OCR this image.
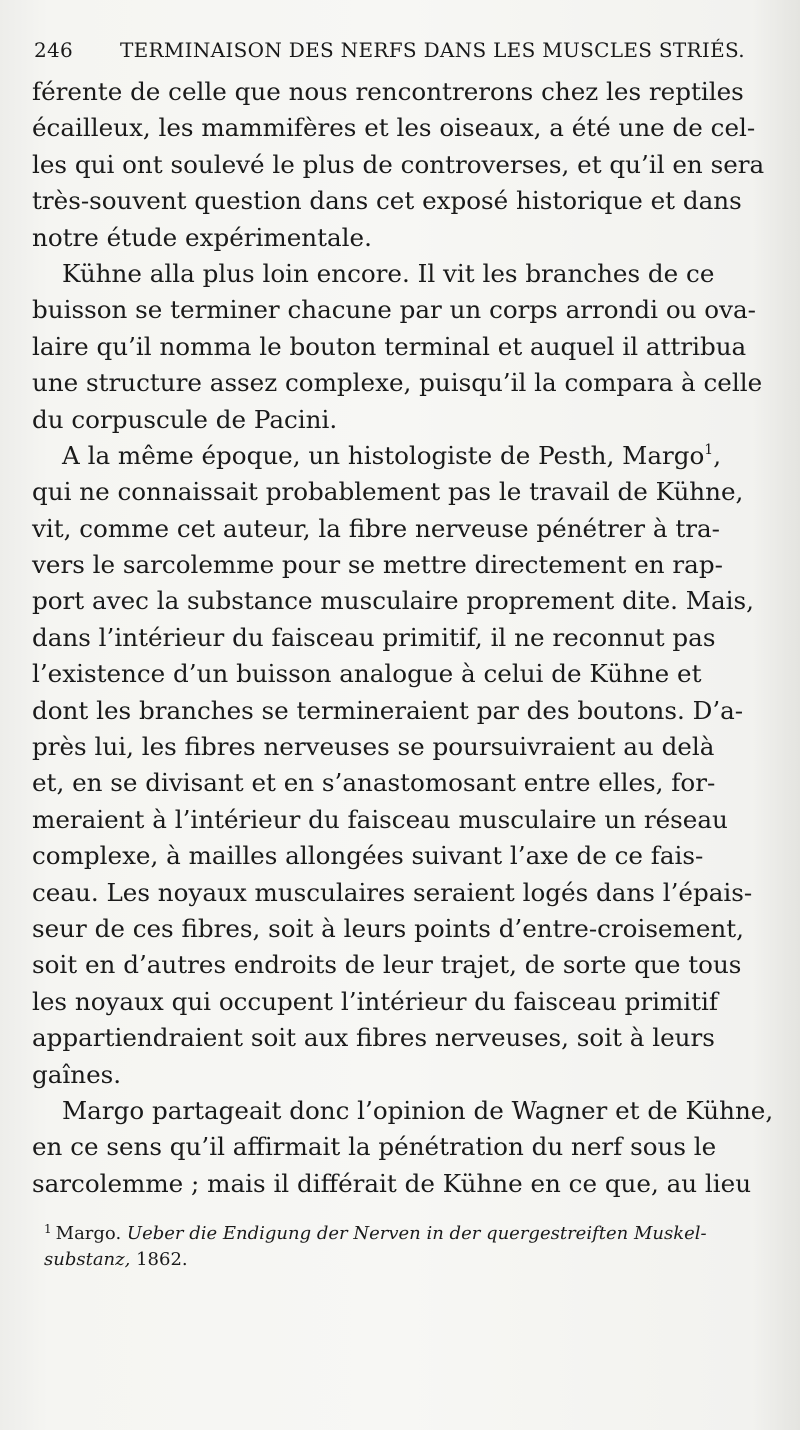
246 TERMINAISON DES NERFS DANS LES MUSCLES STRIÉS.
férente de celle que nous rencontrerons chez les reptiles
écailleux, les mammifères et les oiseaux, a été une de cel-
les qui ont soulevé le plus de controverses, et qu’il en sera
très-souvent question dans cet exposé historique et dans
notre étude expérimentale.
Kühne alla plus loin encore. Il vit les branches de ce
buisson se terminer chacune par un corps arrondi ou ova-
laire qu’il nomma le bouton terminal et auquel il attribua
une structure assez complexe, puisqu’il la compara à celle
du corpuscule de Pacini.
A la même époque, un histologiste de Pesth, Margo$^1$,
qui ne connaissait probablement pas le travail de Kühne,
vit, comme cet auteur, la fibre nerveuse pénétrer à tra-
vers le sarcolemme pour se mettre directement en rap-
port avec la substance musculaire proprement dite. Mais,
dans l’intérieur du faisceau primitif, il ne reconnut pas
l’existence d’un buisson analogue à celui de Kühne et
dont les branches se termineraient par des boutons. D’a-
près lui, les fibres nerveuses se poursuivraient au delà
et, en se divisant et en s’anastomosant entre elles, for-
meraient à l’intérieur du faisceau musculaire un réseau
complexe, à mailles allongées suivant l’axe de ce fais-
ceau. Les noyaux musculaires seraient logés dans l’épais-
seur de ces fibres, soit à leurs points d’entre-croisement,
soit en d’autres endroits de leur trajet, de sorte que tous
les noyaux qui occupent l’intérieur du faisceau primitif
appartiendraient soit aux fibres nerveuses, soit à leurs
gaînes.
Margo partageait donc l’opinion de Wagner et de Kühne,
en ce sens qu’il affirmait la pénétration du nerf sous le
sarcolemme ; mais il différait de Kühne en ce que, au lieu
$^1$ Margo. Ueber die Endigung der Nerven in der quergestreiften Muskel-
substanz, 1862.
